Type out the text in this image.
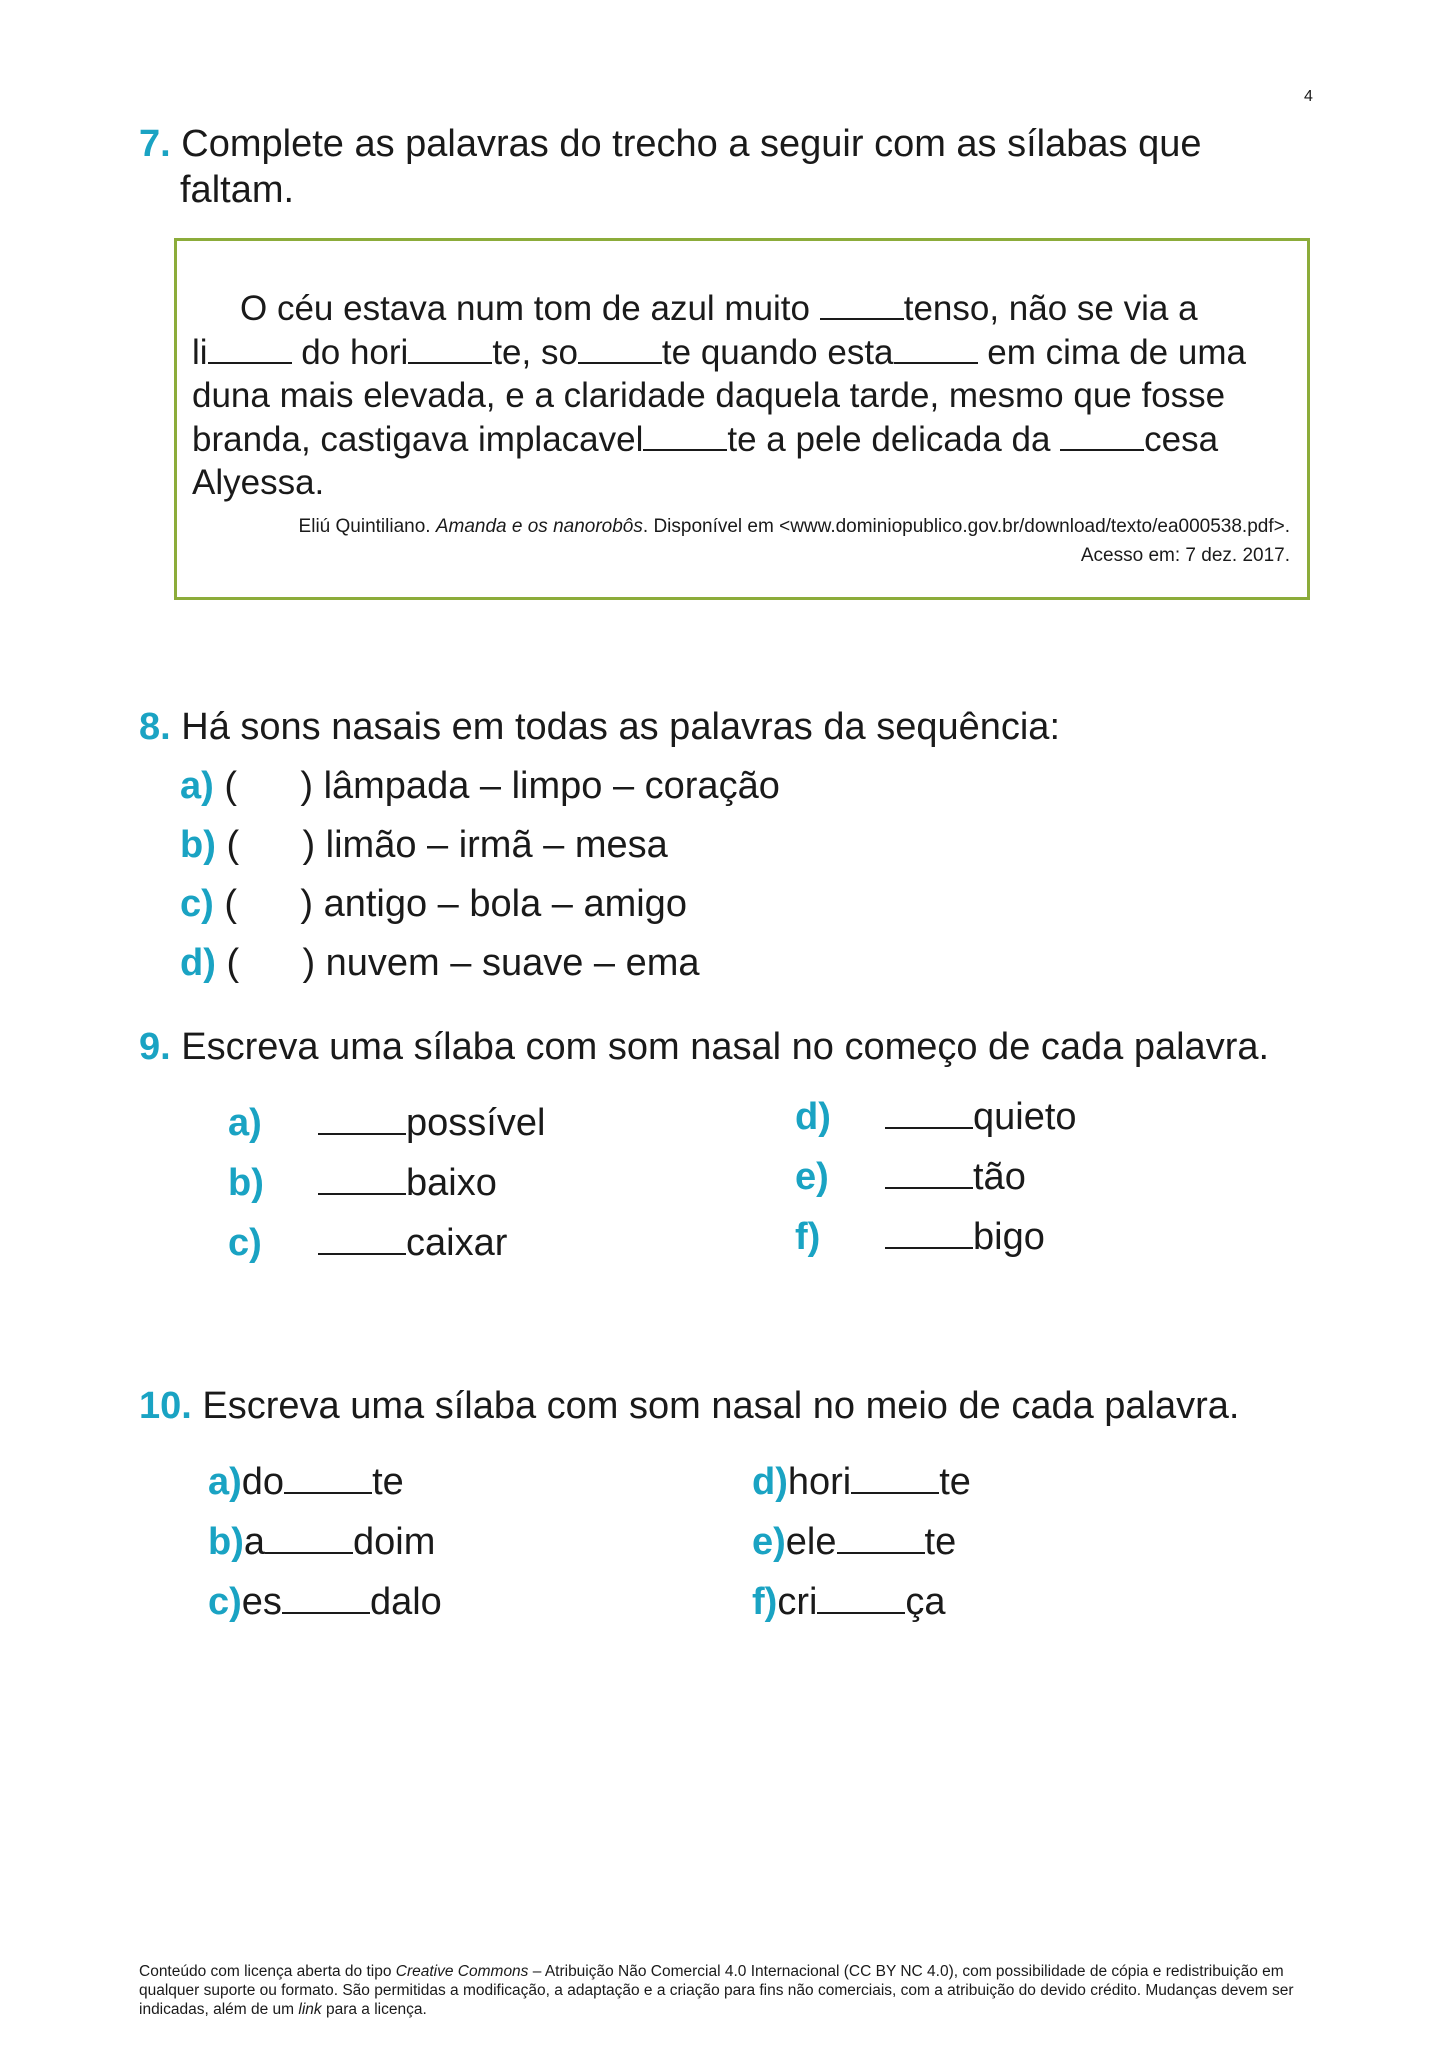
4
7. Complete as palavras do trecho a seguir com as sílabas que
faltam.
O céu estava num tom de azul muito tenso, não se via a
li do hori te, so te quando esta em cima de uma
duna mais elevada, e a claridade daquela tarde, mesmo que fosse
branda, castigava implacavel te a pele delicada da cesa
Alyessa.
Eliú Quintiliano. Amanda e os nanorobôs. Disponível em <www.dominiopublico.gov.br/download/texto/ea000538.pdf>.
Acesso em: 7 dez. 2017.
8. Há sons nasais em todas as palavras da sequência:
a) (      ) lâmpada – limpo – coração
b) (      ) limão – irmã – mesa
c) (      ) antigo – bola – amigo
d) (      ) nuvem – suave – ema
9. Escreva uma sílaba com som nasal no começo de cada palavra.
a)	possível
b)	baixo
c)	caixar
d)	quieto
e)	tão
f)	bigo
10. Escreva uma sílaba com som nasal no meio de cada palavra.
a)do te
b)a doim
c)es dalo
d)hori te
e)ele te
f)cri ça
Conteúdo com licença aberta do tipo Creative Commons – Atribuição Não Comercial 4.0 Internacional (CC BY NC 4.0), com possibilidade de cópia e redistribuição em qualquer suporte ou formato. São permitidas a modificação, a adaptação e a criação para fins não comerciais, com a atribuição do devido crédito. Mudanças devem ser indicadas, além de um link para a licença.
